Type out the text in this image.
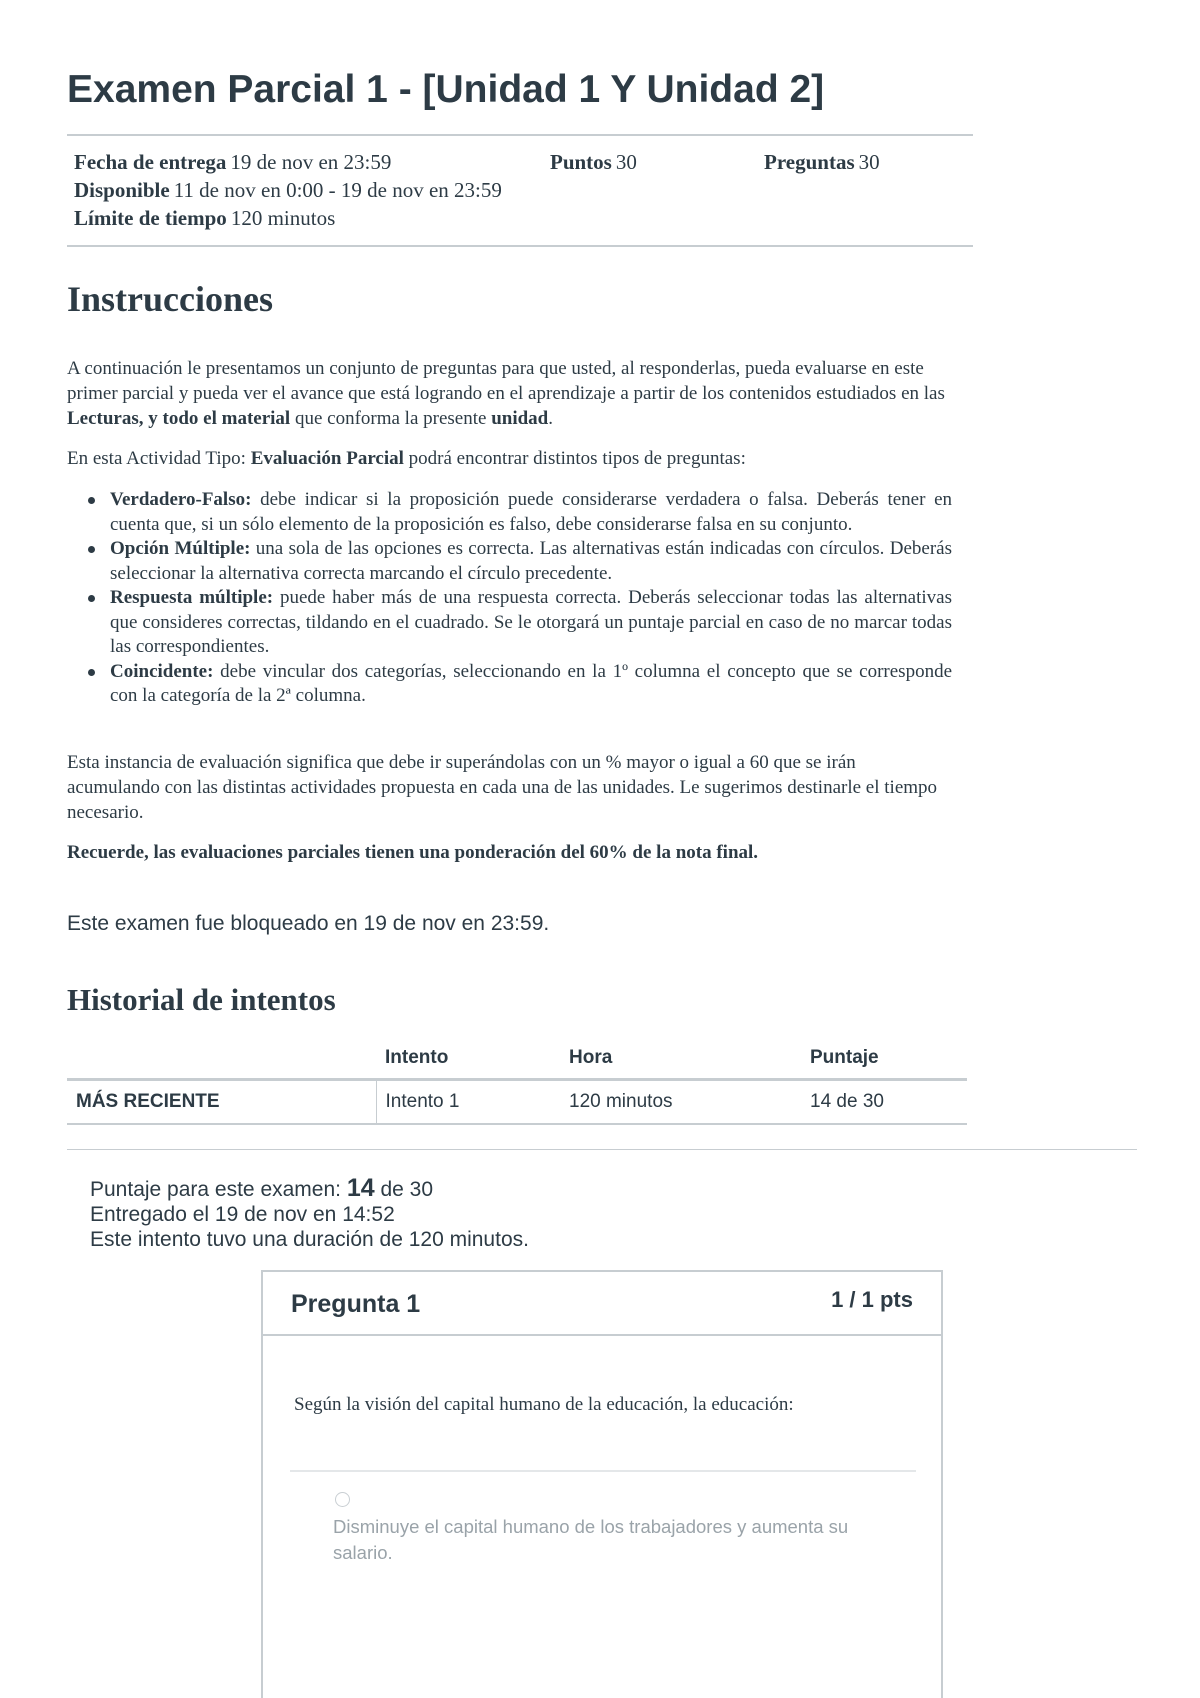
Examen Parcial 1 - [Unidad 1 Y Unidad 2]
Fecha de entrega 19 de nov en 23:59	Puntos 30	Preguntas 30
Disponible 11 de nov en 0:00 - 19 de nov en 23:59
Límite de tiempo 120 minutos
Instrucciones

A continuación le presentamos un conjunto de preguntas para que usted, al responderlas, pueda evaluarse en este primer parcial y pueda ver el avance que está logrando en el aprendizaje a partir de los contenidos estudiados en las Lecturas, y todo el material que conforma la presente unidad.

En esta Actividad Tipo: Evaluación Parcial podrá encontrar distintos tipos de preguntas:

Verdadero-Falso: debe indicar si la proposición puede considerarse verdadera o falsa. Deberás tener en cuenta que, si un sólo elemento de la proposición es falso, debe considerarse falsa en su conjunto.
Opción Múltiple: una sola de las opciones es correcta. Las alternativas están indicadas con círculos. Deberás seleccionar la alternativa correcta marcando el círculo precedente.
Respuesta múltiple: puede haber más de una respuesta correcta. Deberás seleccionar todas las alternativas que consideres correctas, tildando en el cuadrado. Se le otorgará un puntaje parcial en caso de no marcar todas las correspondientes.
Coincidente: debe vincular dos categorías, seleccionando en la 1º columna el concepto que se corresponde con la categoría de la 2ª columna.

Esta instancia de evaluación significa que debe ir superándolas con un % mayor o igual a 60 que se irán acumulando con las distintas actividades propuesta en cada una de las unidades. Le sugerimos destinarle el tiempo necesario.

Recuerde, las evaluaciones parciales tienen una ponderación del 60% de la nota final.

Este examen fue bloqueado en 19 de nov en 23:59.

Historial de intentos
	Intento	Hora	Puntaje
MÁS RECIENTE	Intento 1	120 minutos	14 de 30
Puntaje para este examen: 14 de 30
Entregado el 19 de nov en 14:52
Este intento tuvo una duración de 120 minutos.
Pregunta 1	1 / 1 pts
Según la visión del capital humano de la educación, la educación:
Disminuye el capital humano de los trabajadores y aumenta su salario.
